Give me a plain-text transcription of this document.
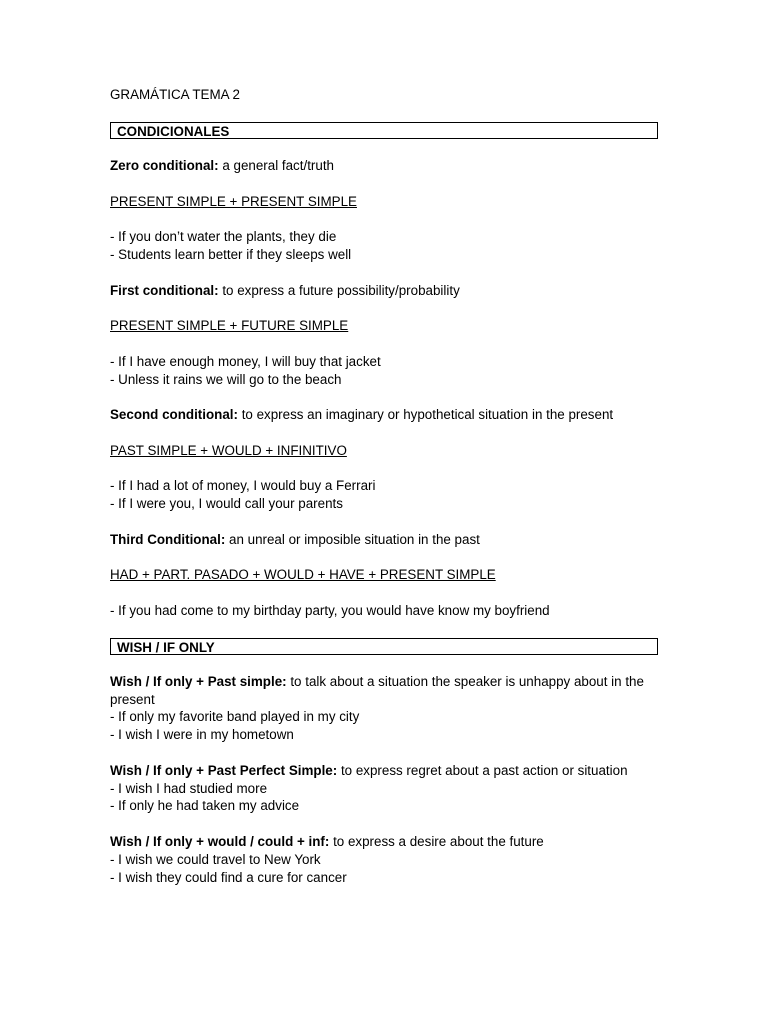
GRAMÁTICA TEMA 2

CONDICIONALES

Zero conditional: a general fact/truth

PRESENT SIMPLE + PRESENT SIMPLE

- If you don’t water the plants, they die

- Students learn better if they sleeps well

First conditional: to express a future possibility/probability

PRESENT SIMPLE + FUTURE SIMPLE

- If I have enough money, I will buy that jacket

- Unless it rains we will go to the beach

Second conditional: to express an imaginary or hypothetical situation in the present

PAST SIMPLE + WOULD + INFINITIVO

- If I had a lot of money, I would buy a Ferrari

- If I were you, I would call your parents

Third Conditional: an unreal or imposible situation in the past

HAD + PART. PASADO + WOULD + HAVE + PRESENT SIMPLE

- If you had come to my birthday party, you would have know my boyfriend

WISH / IF ONLY

Wish / If only + Past simple: to talk about a situation the speaker is unhappy about in the present

- If only my favorite band played in my city

- I wish I were in my hometown

Wish / If only + Past Perfect Simple: to express regret about a past action or situation

- I wish I had studied more

- If only he had taken my advice

Wish / If only + would / could + inf: to express a desire about the future

- I wish we could travel to New York

- I wish they could find a cure for cancer
